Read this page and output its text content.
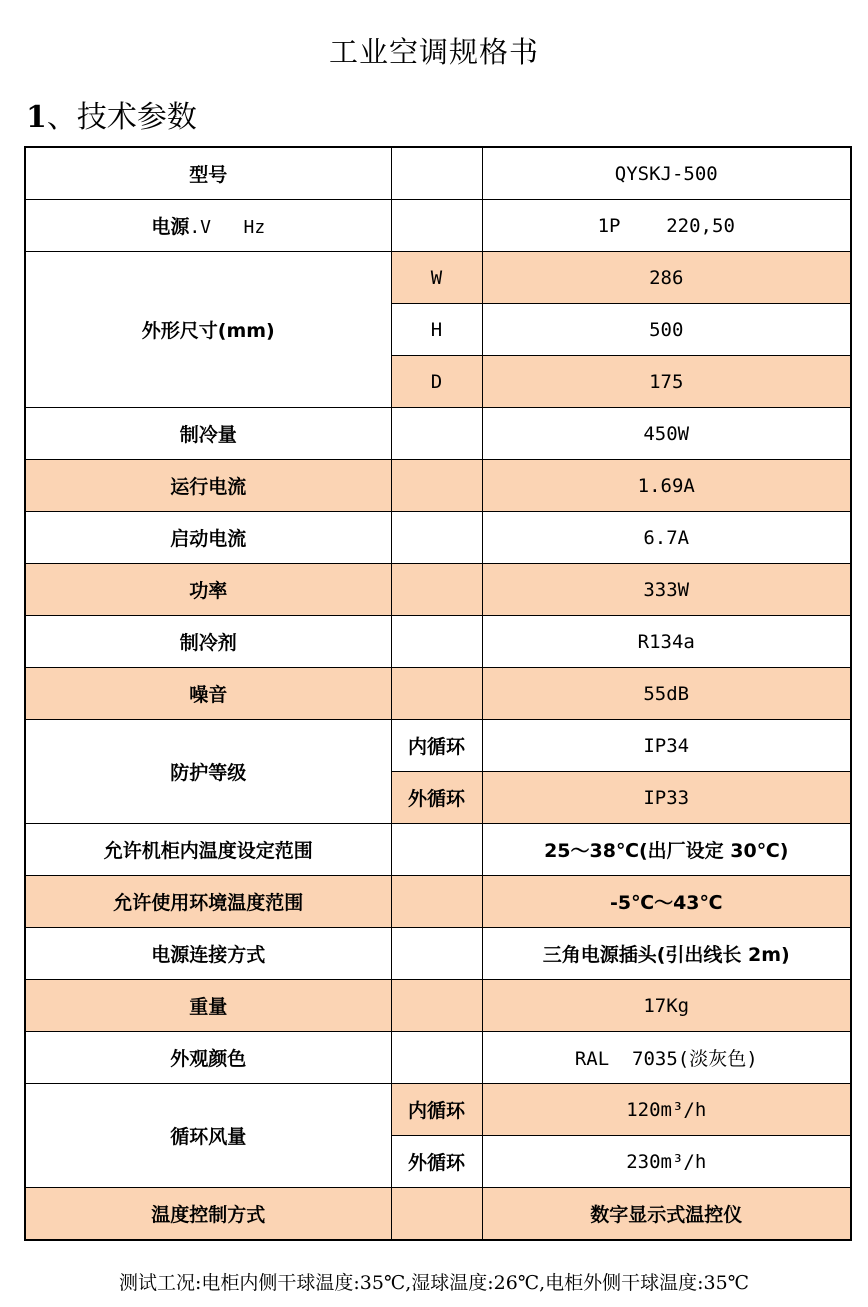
工业空调规格书
1、技术参数
型号		QYSKJ-500
电源.V   Hz		1P    220,50
外形尺寸(mm)	W	286
	H	500
	D	175
制冷量		450W
运行电流		1.69A
启动电流		6.7A
功率		333W
制冷剂		R134a
噪音		55dB
防护等级	内循环	IP34
	外循环	IP33
允许机柜内温度设定范围		25～38℃(出厂设定 30℃)
允许使用环境温度范围		-5℃～43℃
电源连接方式		三角电源插头(引出线长 2m)
重量		17Kg
外观颜色		RAL  7035(淡灰色)
循环风量	内循环	120m³/h
	外循环	230m³/h
温度控制方式		数字显示式温控仪
测试工况:电柜内侧干球温度:35℃,湿球温度:26℃,电柜外侧干球温度:35℃
